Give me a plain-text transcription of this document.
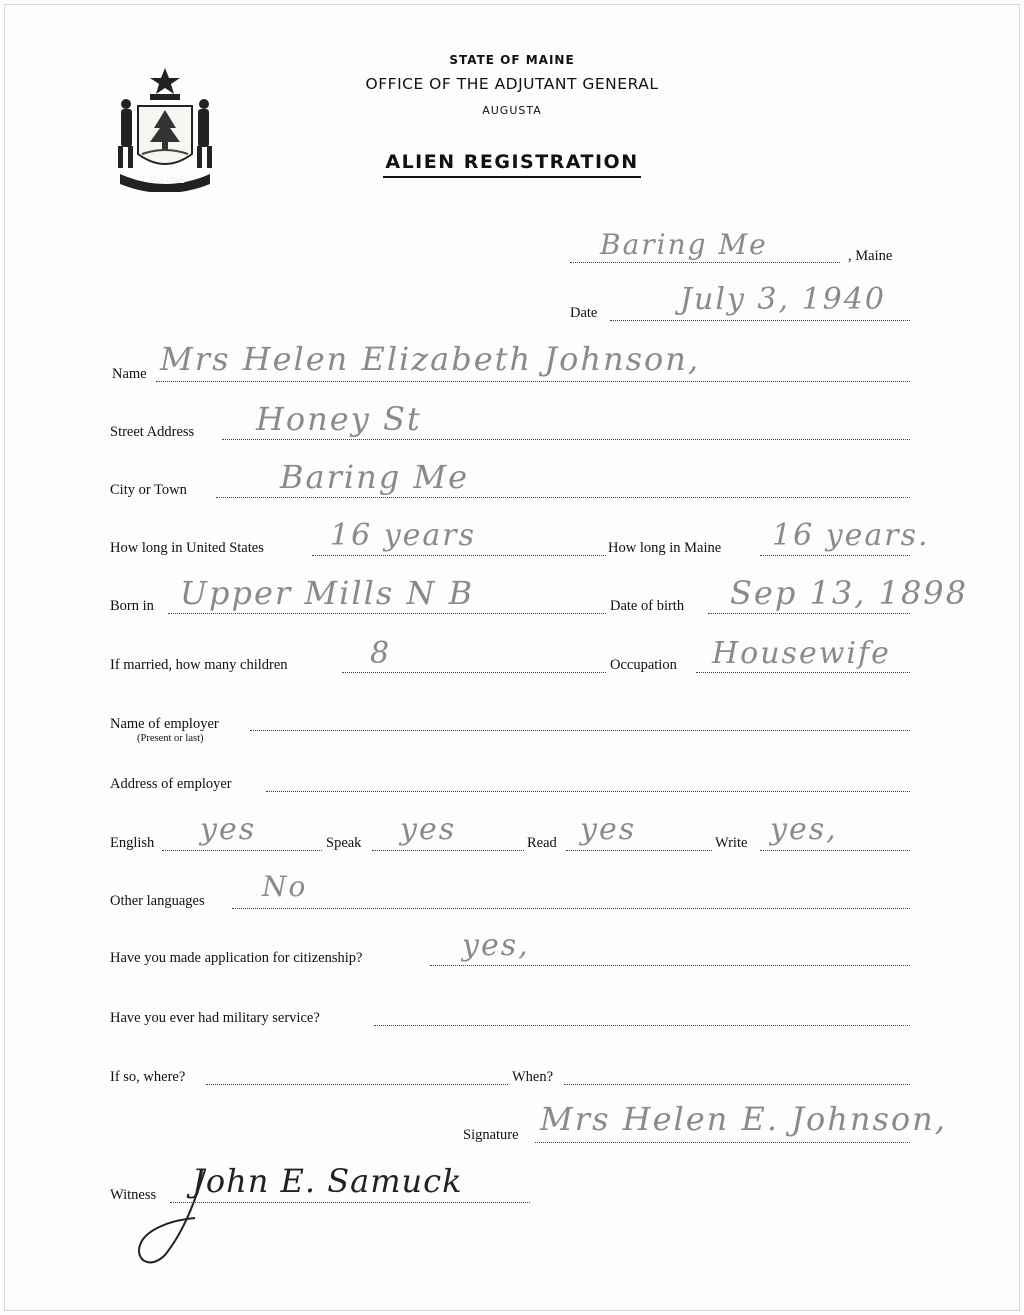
MAINE
STATE OF MAINE
OFFICE OF THE ADJUTANT GENERAL
AUGUSTA
ALIEN REGISTRATION
Baring Me	, Maine
Date	July 3, 1940
Name Mrs Helen Elizabeth Johnson,
Street Address Honey St
City or Town	Baring Me
How long in United States 16 years	How long in Maine 16 years.
Born in Upper Mills N B	Date of birth Sep 13, 1898
If married, how many children	8	Occupation Housewife
Name of employer
(Present or last)
Address of employer
English yes	Speak yes	Read yes	Write yes,
Other languages No
Have you made application for citizenship?	yes,
Have you ever had military service?
If so, where?	When?
Signature Mrs Helen E. Johnson,
Witness John E. Samuck
